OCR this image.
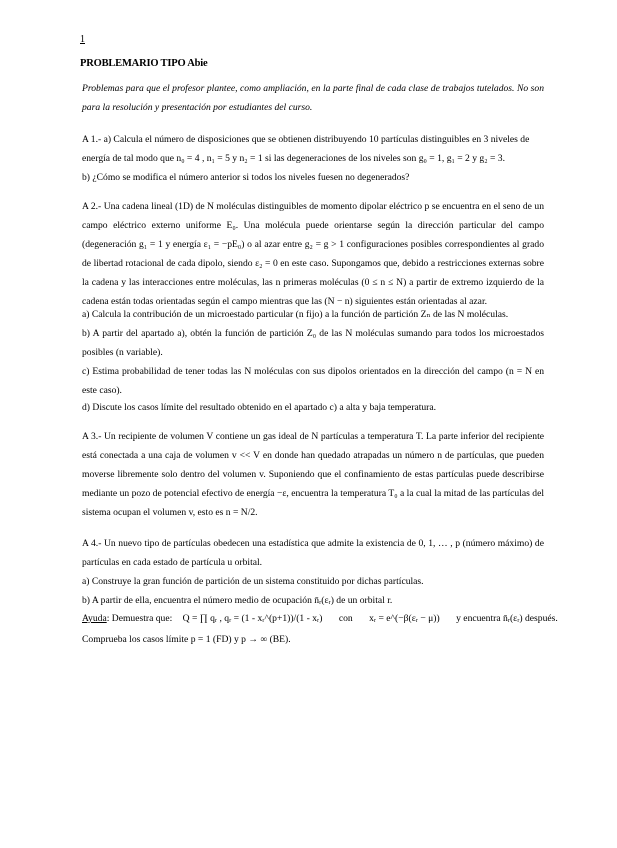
1
PROBLEMARIO TIPO Abie

Problemas para que el profesor plantee, como ampliación, en la parte final de cada clase de trabajos tutelados. No son para la resolución y presentación por estudiantes del curso.

A 1.- a) Calcula el número de disposiciones que se obtienen distribuyendo 10 partículas distinguibles en 3 niveles de

energía de tal modo que n₀ = 4 , n₁ = 5 y n₂ = 1 si las degeneraciones de los niveles son g₀ = 1, g₁ = 2 y g₂ = 3.

b) ¿Cómo se modifica el número anterior si todos los niveles fuesen no degenerados?

A 2.- Una cadena lineal (1D) de N moléculas distinguibles de momento dipolar eléctrico p se encuentra en el seno de un campo eléctrico externo uniforme E₀. Una molécula puede orientarse según la dirección particular del campo (degeneración g₁ = 1 y energía ε₁ = −pE₀) o al azar entre g₂ = g > 1 configuraciones posibles correspondientes al grado de libertad rotacional de cada dipolo, siendo ε₂ = 0 en este caso. Supongamos que, debido a restricciones externas sobre la cadena y las interacciones entre moléculas, las n primeras moléculas (0 ≤ n ≤ N) a partir de extremo izquierdo de la cadena están todas orientadas según el campo mientras que las (N − n) siguientes están orientadas al azar.

a) Calcula la contribución de un microestado particular (n fijo) a la función de partición Zₙ de las N moléculas.

b) A partir del apartado a), obtén la función de partición Z₀ de las N moléculas sumando para todos los microestados posibles (n variable).

c) Estima probabilidad de tener todas las N moléculas con sus dipolos orientados en la dirección del campo (n = N en este caso).

d) Discute los casos límite del resultado obtenido en el apartado c) a alta y baja temperatura.

A 3.- Un recipiente de volumen V contiene un gas ideal de N partículas a temperatura T. La parte inferior del recipiente está conectada a una caja de volumen v << V en donde han quedado atrapadas un número n de partículas, que pueden moverse libremente solo dentro del volumen v. Suponiendo que el confinamiento de estas partículas puede describirse mediante un pozo de potencial efectivo de energía −ε, encuentra la temperatura T₀ a la cual la mitad de las partículas del sistema ocupan el volumen v, esto es n = N/2.

A 4.- Un nuevo tipo de partículas obedecen una estadística que admite la existencia de 0, 1, … , p (número máximo) de partículas en cada estado de partícula u orbital.

a) Construye la gran función de partición de un sistema constituido por dichas partículas.

b) A partir de ella, encuentra el número medio de ocupación n̄ᵣ(εᵣ) de un orbital r.

Ayuda: Demuestra que: Q = ∏ qᵣ , qᵣ = (1 - xᵣ^(p+1))/(1 - xᵣ) con xᵣ = e^(−β(εᵣ − μ)) y encuentra n̄ᵣ(εᵣ) después.

Comprueba los casos límite p = 1 (FD) y p → ∞ (BE).
